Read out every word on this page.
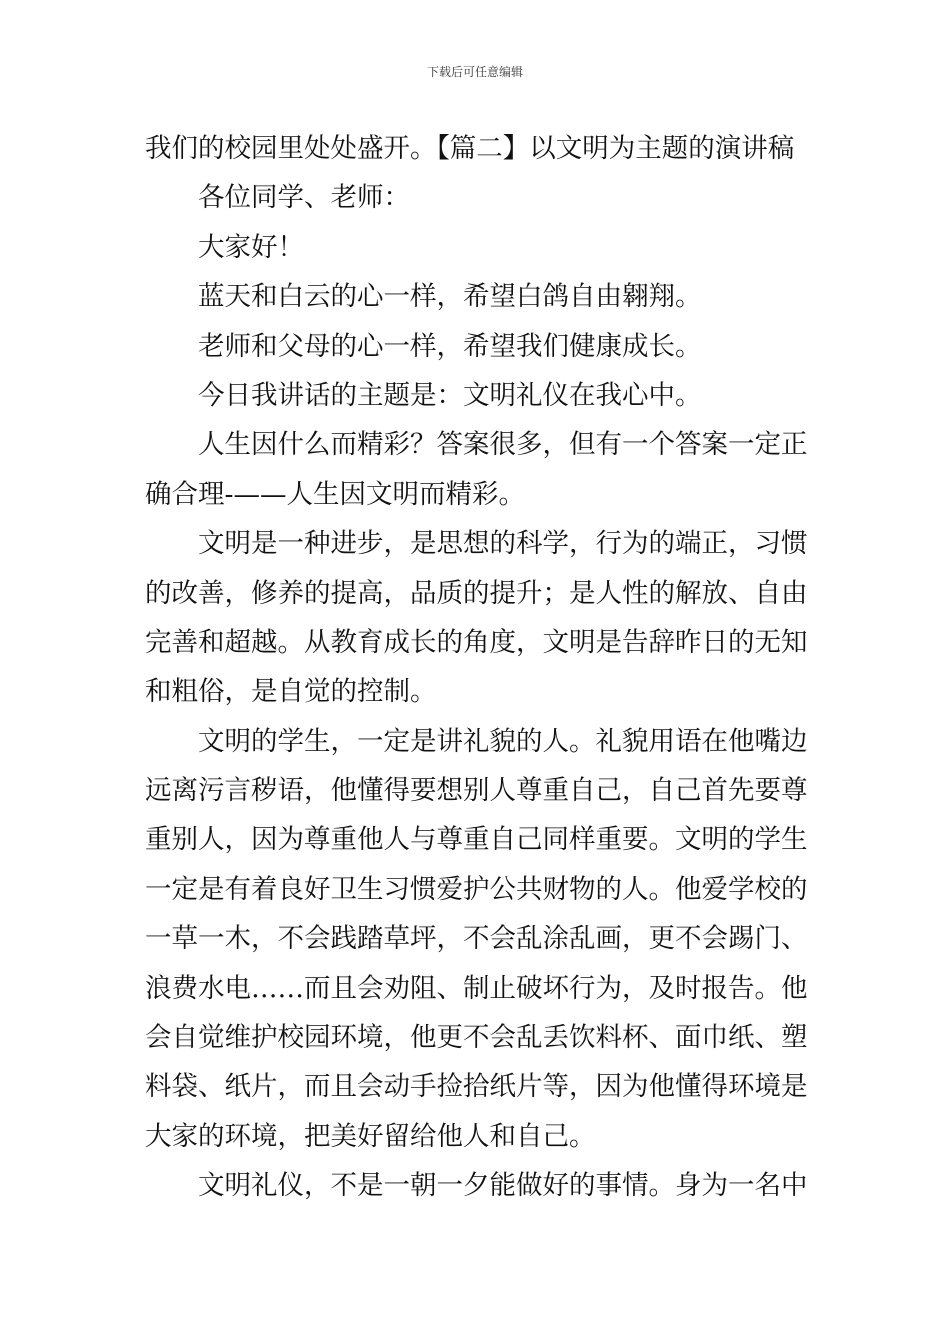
下载后可任意编辑
我们的校园里处处盛开。【篇二】以文明为主题的演讲稿
各位同学、老师：
大家好！
蓝天和白云的心一样，希望白鸽自由翱翔。
老师和父母的心一样，希望我们健康成长。
今日我讲话的主题是：文明礼仪在我心中。
人生因什么而精彩？答案很多，但有一个答案一定正
确合理-——人生因文明而精彩。
文明是一种进步，是思想的科学，行为的端正，习惯
的改善，修养的提高，品质的提升；是人性的解放、自由
完善和超越。从教育成长的角度，文明是告辞昨日的无知
和粗俗，是自觉的控制。
文明的学生，一定是讲礼貌的人。礼貌用语在他嘴边
远离污言秽语，他懂得要想别人尊重自己，自己首先要尊
重别人，因为尊重他人与尊重自己同样重要。文明的学生
一定是有着良好卫生习惯爱护公共财物的人。他爱学校的
一草一木，不会践踏草坪，不会乱涂乱画，更不会踢门、
浪费水电……而且会劝阻、制止破坏行为，及时报告。他
会自觉维护校园环境，他更不会乱丢饮料杯、面巾纸、塑
料袋、纸片，而且会动手捡拾纸片等，因为他懂得环境是
大家的环境，把美好留给他人和自己。
文明礼仪，不是一朝一夕能做好的事情。身为一名中
